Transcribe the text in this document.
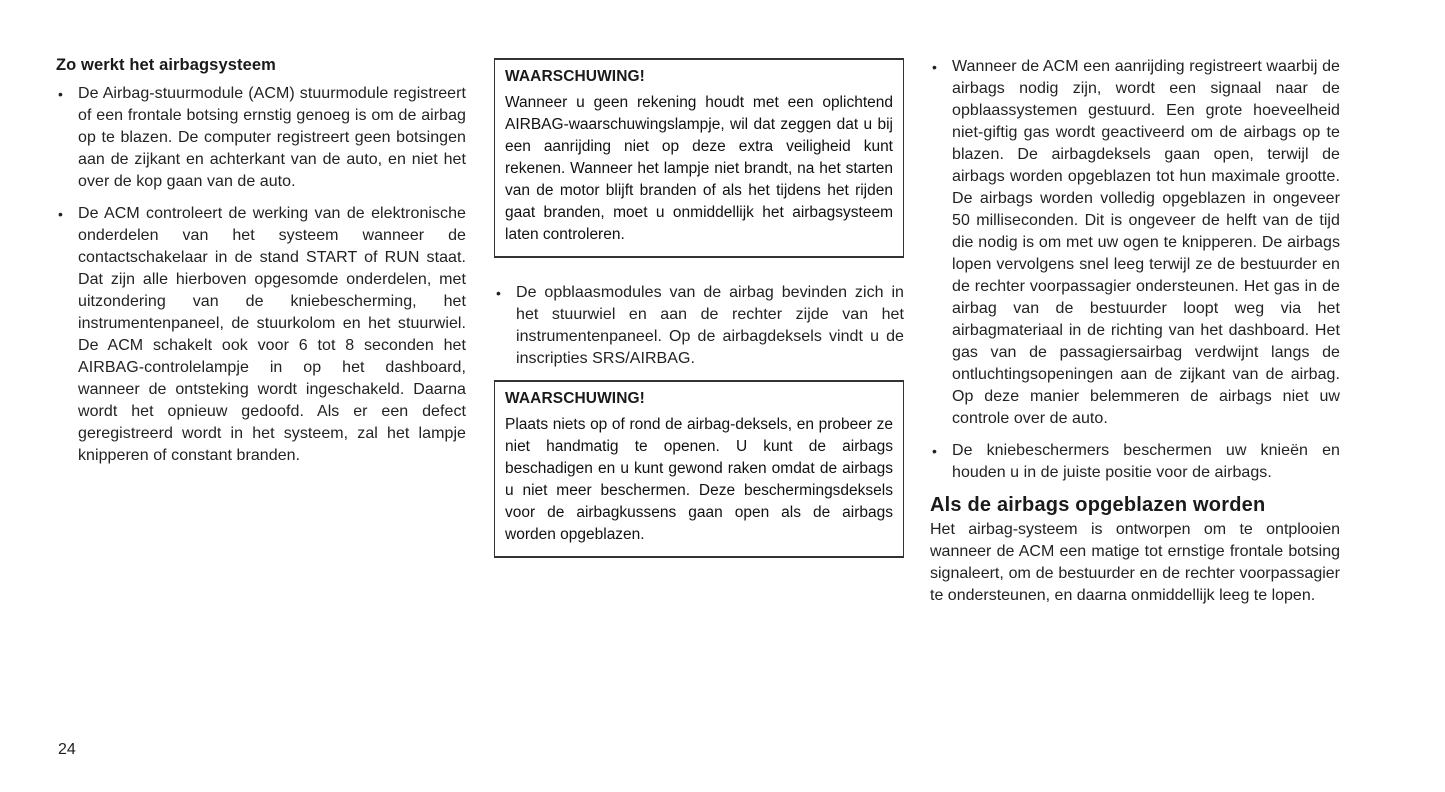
Zo werkt het airbagsysteem
• De Airbag-stuurmodule (ACM) stuurmodule registreert of een frontale botsing ernstig genoeg is om de airbag op te blazen. De computer registreert geen botsingen aan de zijkant en achterkant van de auto, en niet het over de kop gaan van de auto.
• De ACM controleert de werking van de elektronische onderdelen van het systeem wanneer de contactschakelaar in de stand START of RUN staat. Dat zijn alle hierboven opgesomde onderdelen, met uitzondering van de kniebescherming, het instrumentenpaneel, de stuurkolom en het stuurwiel. De ACM schakelt ook voor 6 tot 8 seconden het AIRBAG-controlelampje in op het dashboard, wanneer de ontsteking wordt ingeschakeld. Daarna wordt het opnieuw gedoofd. Als er een defect geregistreerd wordt in het systeem, zal het lampje knipperen of constant branden.
WAARSCHUWING!

Wanneer u geen rekening houdt met een oplichtend AIRBAG-waarschuwingslampje, wil dat zeggen dat u bij een aanrijding niet op deze extra veiligheid kunt rekenen. Wanneer het lampje niet brandt, na het starten van de motor blijft branden of als het tijdens het rijden gaat branden, moet u onmiddellijk het airbagsysteem laten controleren.

• De opblaasmodules van de airbag bevinden zich in het stuurwiel en aan de rechter zijde van het instrumentenpaneel. Op de airbagdeksels vindt u de inscripties SRS/AIRBAG.
WAARSCHUWING!

Plaats niets op of rond de airbag-deksels, en probeer ze niet handmatig te openen. U kunt de airbags beschadigen en u kunt gewond raken omdat de airbags u niet meer beschermen. Deze beschermingsdeksels voor de airbagkussens gaan open als de airbags worden opgeblazen.

• Wanneer de ACM een aanrijding registreert waarbij de airbags nodig zijn, wordt een signaal naar de opblaassystemen gestuurd. Een grote hoeveelheid niet-giftig gas wordt geactiveerd om de airbags op te blazen. De airbagdeksels gaan open, terwijl de airbags worden opgeblazen tot hun maximale grootte. De airbags worden volledig opgeblazen in ongeveer 50 milliseconden. Dit is ongeveer de helft van de tijd die nodig is om met uw ogen te knipperen. De airbags lopen vervolgens snel leeg terwijl ze de bestuurder en de rechter voorpassagier ondersteunen. Het gas in de airbag van de bestuurder loopt weg via het airbagmateriaal in de richting van het dashboard. Het gas van de passagiersairbag verdwijnt langs de ontluchtingsopeningen aan de zijkant van de airbag. Op deze manier belemmeren de airbags niet uw controle over de auto.
• De kniebeschermers beschermen uw knieën en houden u in de juiste positie voor de airbags.
Als de airbags opgeblazen worden

Het airbag-systeem is ontworpen om te ontplooien wanneer de ACM een matige tot ernstige frontale botsing signaleert, om de bestuurder en de rechter voorpassagier te ondersteunen, en daarna onmiddellijk leeg te lopen.

24
